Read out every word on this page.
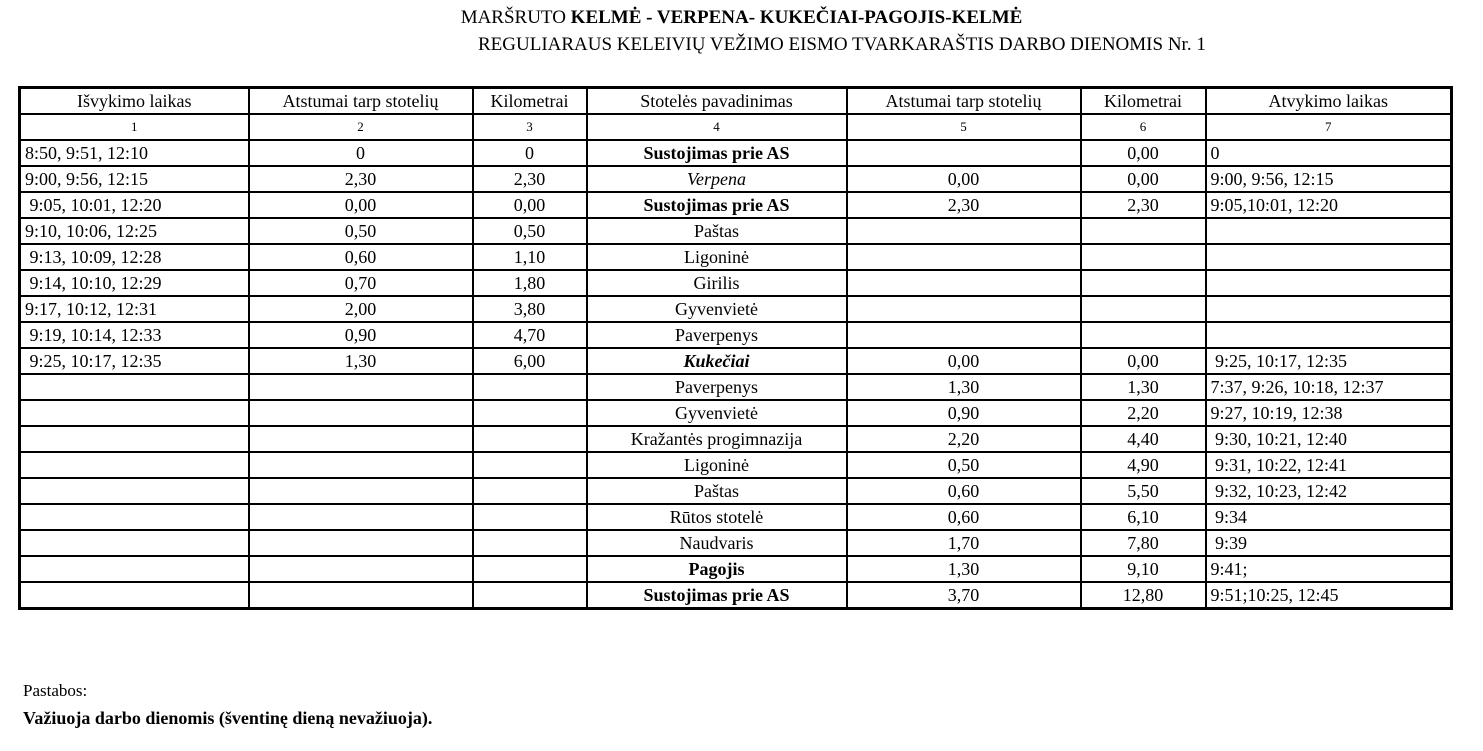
MARŠRUTO KELMĖ - VERPENA- KUKEČIAI-PAGOJIS-KELMĖ
REGULIARAUS KELEIVIŲ VEŽIMO EISMO TVARKARAŠTIS DARBO DIENOMIS Nr. 1
Išvykimo laikas	Atstumai tarp stotelių	Kilometrai	Stotelės pavadinimas	Atstumai tarp stotelių	Kilometrai	Atvykimo laikas
1	2	3	4	5	6	7
8:50, 9:51, 12:10	0	0	Sustojimas prie AS		0,00	0
9:00, 9:56, 12:15	2,30	2,30	Verpena	0,00	0,00	9:00, 9:56, 12:15
9:05, 10:01, 12:20	0,00	0,00	Sustojimas prie AS	2,30	2,30	9:05,10:01, 12:20
9:10, 10:06, 12:25	0,50	0,50	Paštas			
9:13, 10:09, 12:28	0,60	1,10	Ligoninė			
9:14, 10:10, 12:29	0,70	1,80	Girilis			
9:17, 10:12, 12:31	2,00	3,80	Gyvenvietė			
9:19, 10:14, 12:33	0,90	4,70	Paverpenys			
9:25, 10:17, 12:35	1,30	6,00	Kukečiai	0,00	0,00	9:25, 10:17, 12:35
			Paverpenys	1,30	1,30	7:37, 9:26, 10:18, 12:37
			Gyvenvietė	0,90	2,20	9:27, 10:19, 12:38
			Kražantės progimnazija	2,20	4,40	9:30, 10:21, 12:40
			Ligoninė	0,50	4,90	9:31, 10:22, 12:41
			Paštas	0,60	5,50	9:32, 10:23, 12:42
			Rūtos stotelė	0,60	6,10	9:34
			Naudvaris	1,70	7,80	9:39
			Pagojis	1,30	9,10	9:41;
			Sustojimas prie AS	3,70	12,80	9:51;10:25, 12:45
Pastabos:
Važiuoja darbo dienomis (šventinę dieną nevažiuoja).
